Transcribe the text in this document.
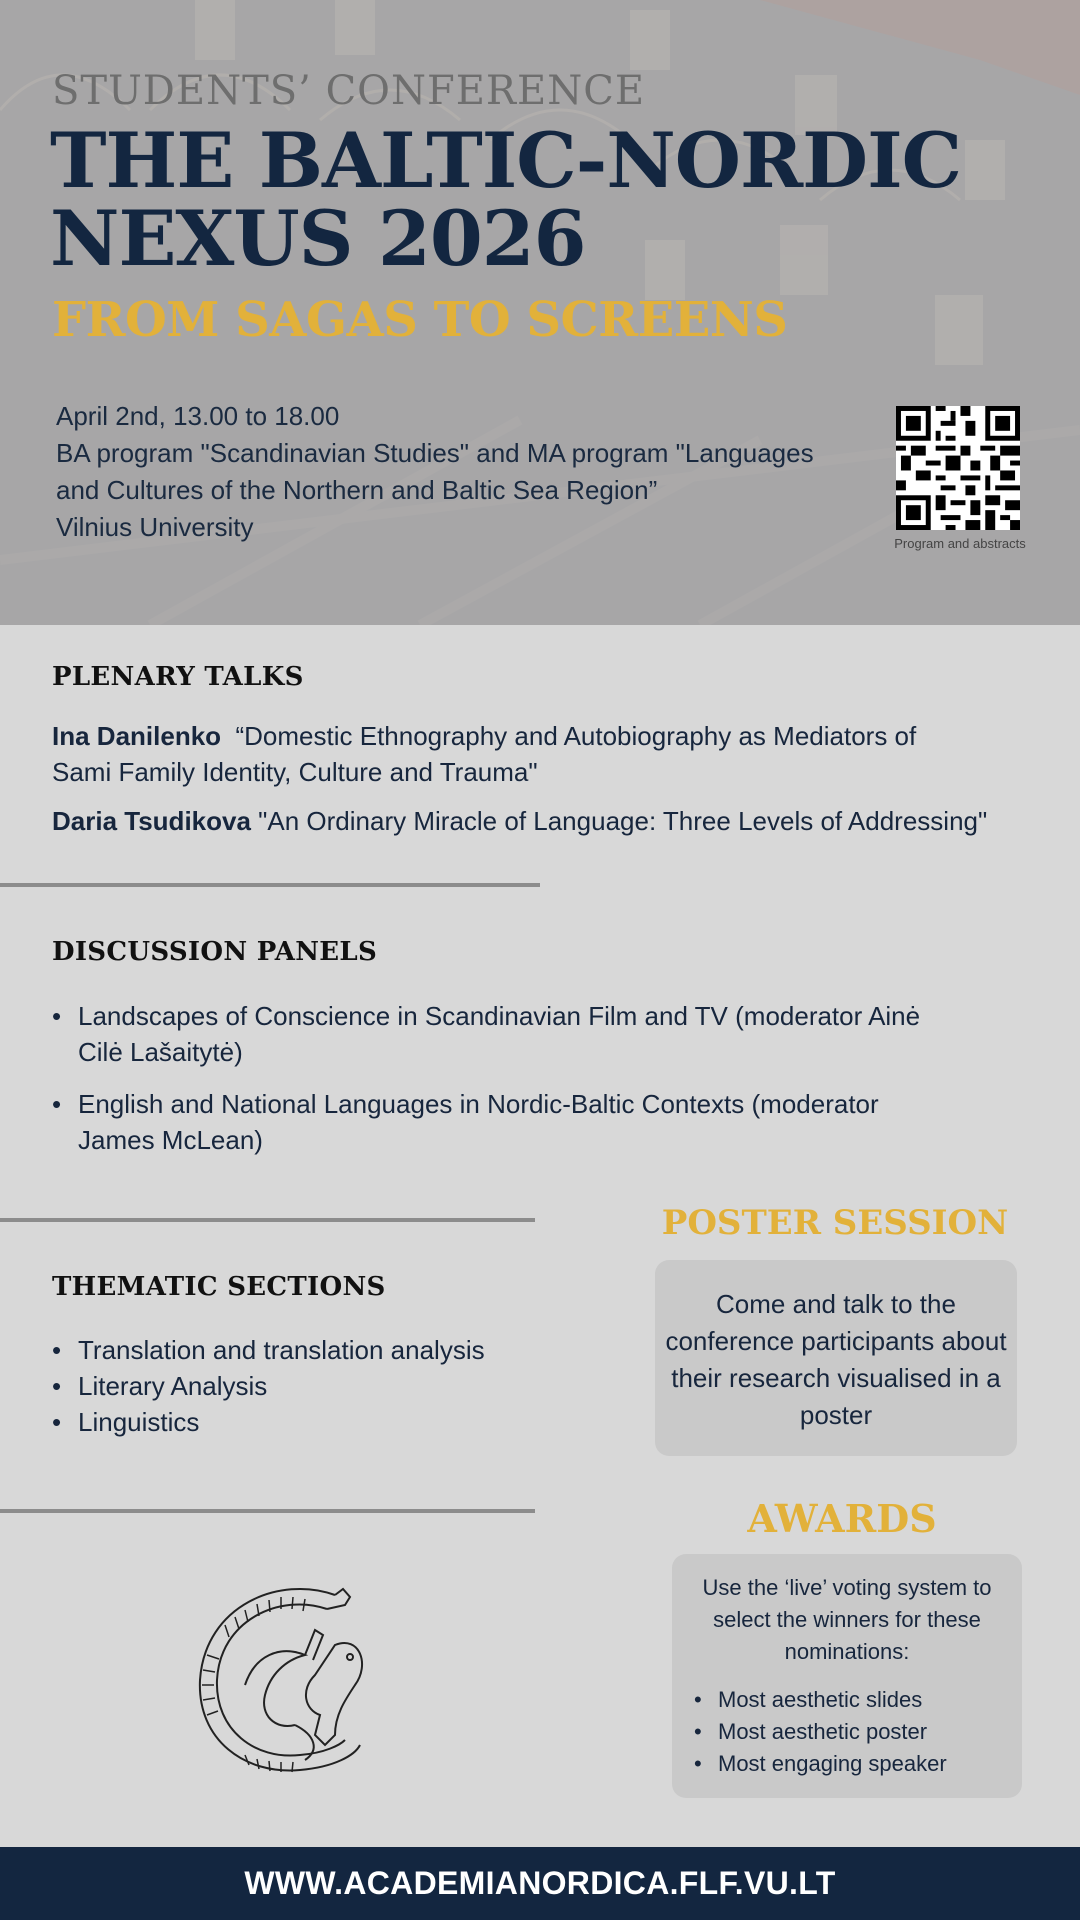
STUDENTS’ CONFERENCE
THE BALTIC-NORDIC
NEXUS 2026
FROM SAGAS TO SCREENS
April 2nd, 13.00 to 18.00
BA program "Scandinavian Studies" and MA program "Languages
and Cultures of the Northern and Baltic Sea Region”
Vilnius University
Program and abstracts
PLENARY TALKS
Ina Danilenko “Domestic Ethnography and Autobiography as Mediators of
Sami Family Identity, Culture and Trauma"
Daria Tsudikova "An Ordinary Miracle of Language: Three Levels of Addressing"
DISCUSSION PANELS
• Landscapes of Conscience in Scandinavian Film and TV (moderator Ainė
Cilė Lašaitytė)
• English and National Languages in Nordic-Baltic Contexts (moderator
James McLean)
THEMATIC SECTIONS
• Translation and translation analysis
• Literary Analysis
• Linguistics
POSTER SESSION
Come and talk to the
conference participants about
their research visualised in a
poster
AWARDS
Use the ‘live’ voting system to
select the winners for these
nominations:
• Most aesthetic slides
• Most aesthetic poster
• Most engaging speaker
WWW.ACADEMIANORDICA.FLF.VU.LT
